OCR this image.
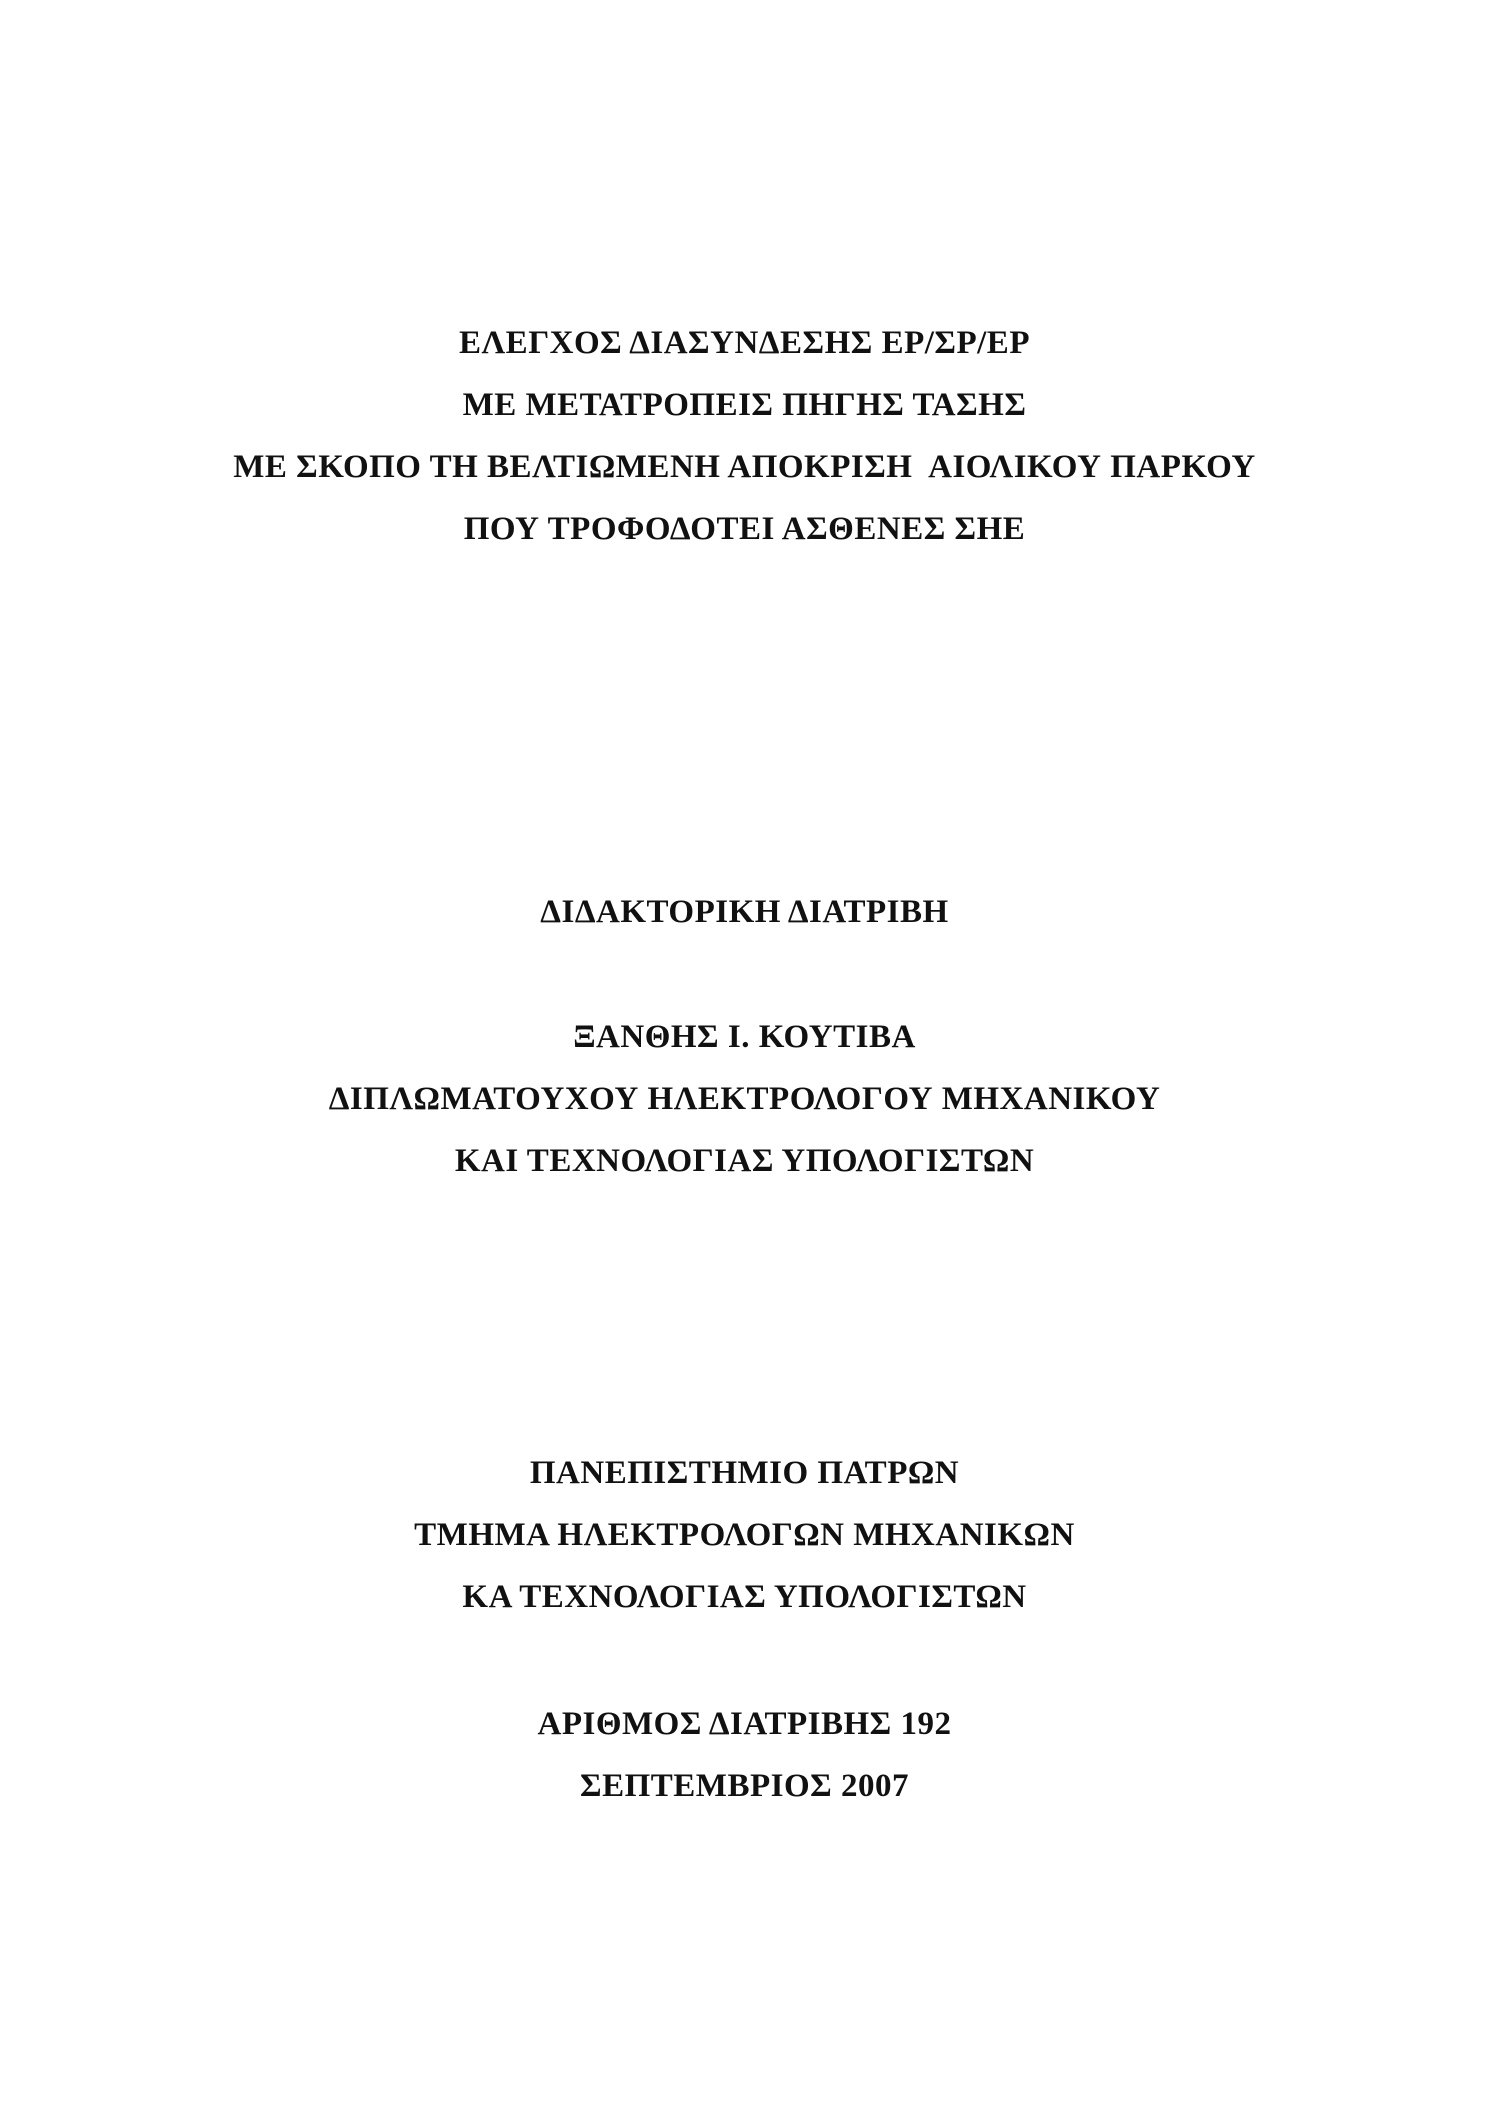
ΕΛΕΓΧΟΣ ΔΙΑΣΥΝΔΕΣΗΣ ΕΡ/ΣΡ/ΕΡ
ΜΕ ΜΕΤΑΤΡΟΠΕΙΣ ΠΗΓΗΣ ΤΑΣΗΣ
ΜΕ ΣΚΟΠΟ ΤΗ ΒΕΛΤΙΩΜΕΝΗ ΑΠΟΚΡΙΣΗ  ΑΙΟΛΙΚΟΥ ΠΑΡΚΟΥ
ΠΟΥ ΤΡΟΦΟΔΟΤΕΙ ΑΣΘΕΝΕΣ ΣΗΕ
ΔΙΔΑΚΤΟΡΙΚΗ ΔΙΑΤΡΙΒΗ
ΞΑΝΘΗΣ Ι. ΚΟΥΤΙΒΑ
ΔΙΠΛΩΜΑΤΟΥΧΟΥ ΗΛΕΚΤΡΟΛΟΓΟΥ ΜΗΧΑΝΙΚΟΥ
ΚΑΙ ΤΕΧΝΟΛΟΓΙΑΣ ΥΠΟΛΟΓΙΣΤΩΝ
ΠΑΝΕΠΙΣΤΗΜΙΟ ΠΑΤΡΩΝ
ΤΜΗΜΑ ΗΛΕΚΤΡΟΛΟΓΩΝ ΜΗΧΑΝΙΚΩΝ
ΚΑ ΤΕΧΝΟΛΟΓΙΑΣ ΥΠΟΛΟΓΙΣΤΩΝ
ΑΡΙΘΜΟΣ ΔΙΑΤΡΙΒΗΣ 192
ΣΕΠΤΕΜΒΡΙΟΣ 2007
